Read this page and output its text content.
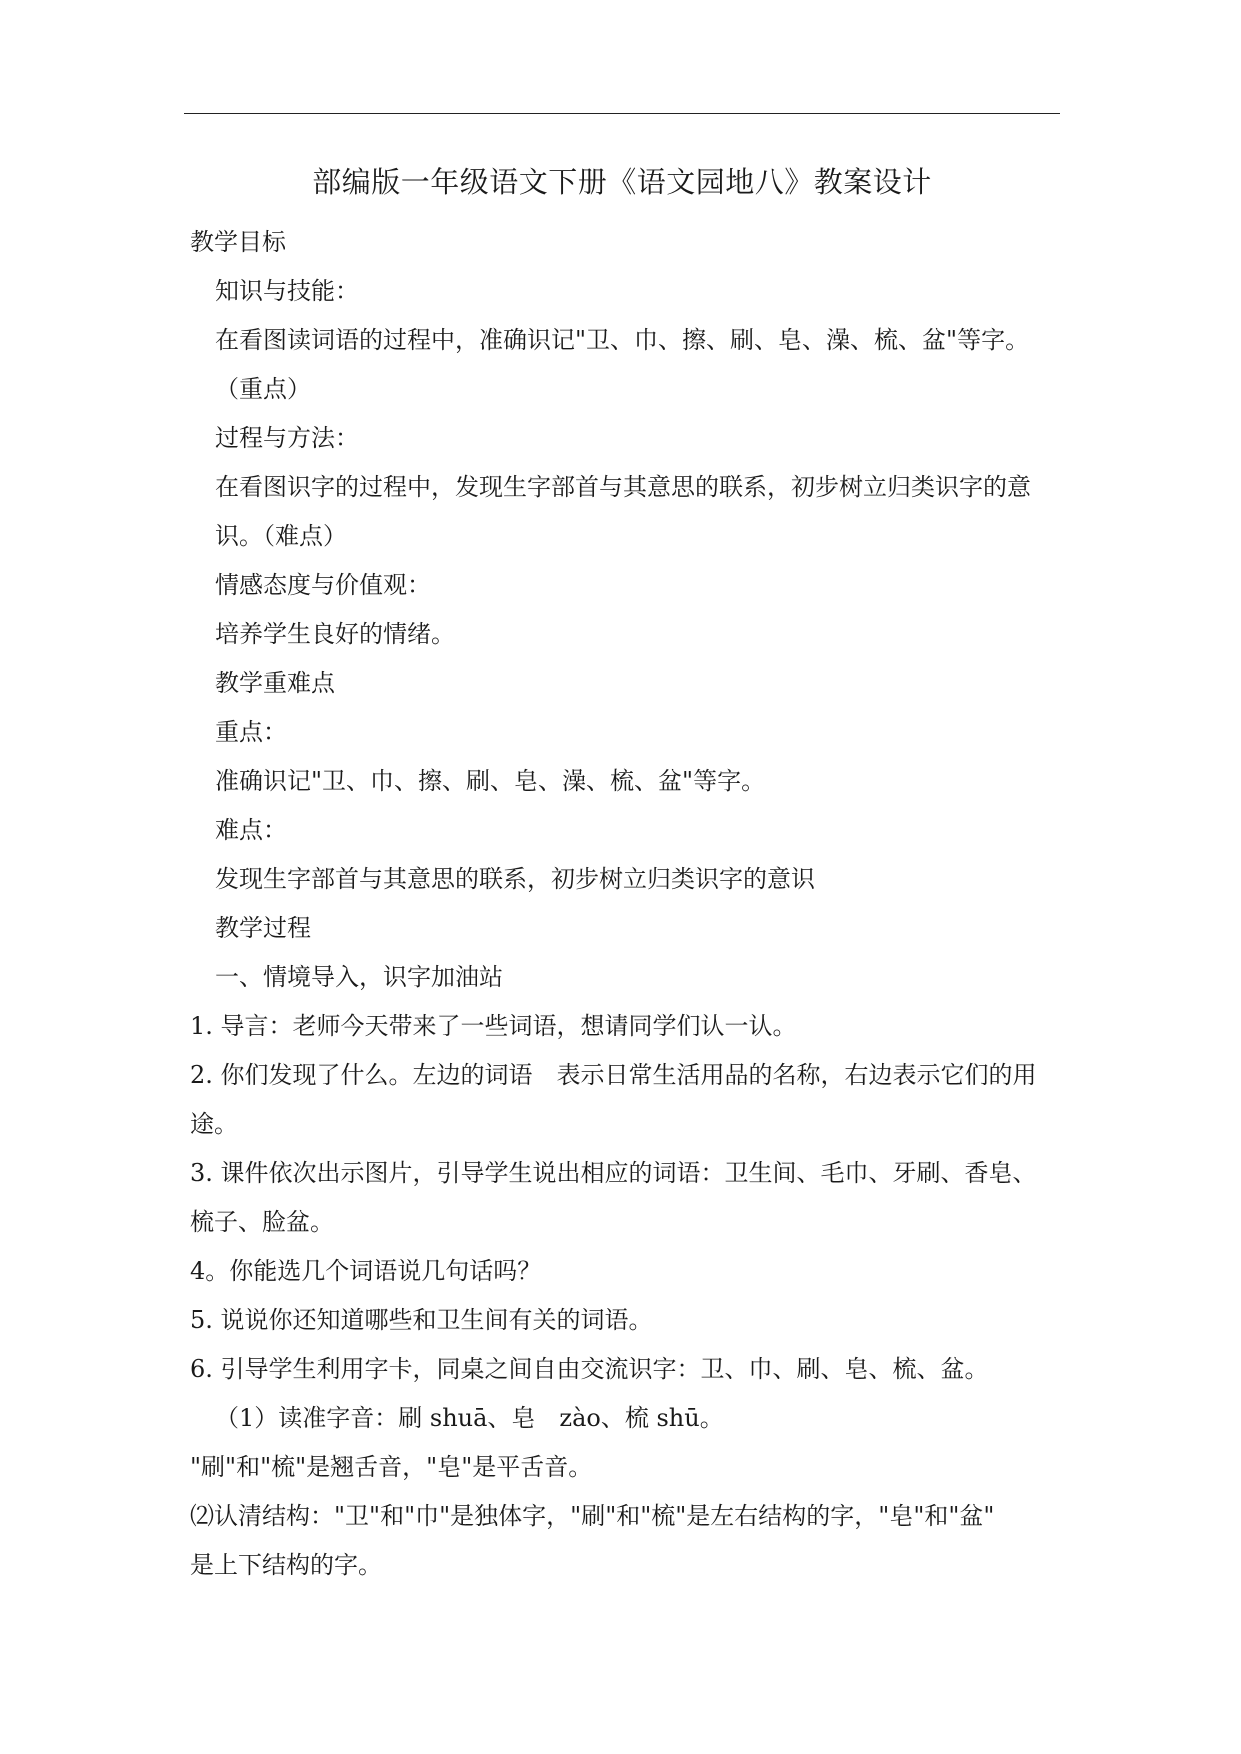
部编版一年级语文下册《语文园地八》教案设计
教学目标
知识与技能：
在看图读词语的过程中，准确识记"卫、巾、擦、刷、皂、澡、梳、盆"等字。
（重点）
过程与方法：
在看图识字的过程中，发现生字部首与其意思的联系，初步树立归类识字的意
识。（难点）
情感态度与价值观：
培养学生良好的情绪。
教学重难点
重点：
准确识记"卫、巾、擦、刷、皂、澡、梳、盆"等字。
难点：
发现生字部首与其意思的联系，初步树立归类识字的意识
教学过程
一、情境导入，识字加油站
1. 导言：老师今天带来了一些词语，想请同学们认一认。
2. 你们发现了什么。左边的词语　表示日常生活用品的名称，右边表示它们的用
途。
3. 课件依次出示图片，引导学生说出相应的词语：卫生间、毛巾、牙刷、香皂、
梳子、脸盆。
4。你能选几个词语说几句话吗？
5. 说说你还知道哪些和卫生间有关的词语。
6. 引导学生利用字卡，同桌之间自由交流识字：卫、巾、刷、皂、梳、盆。
（1）读准字音：刷 shuā、皂　zào、梳 shū。
"刷"和"梳"是翘舌音，"皂"是平舌音。
⑵认清结构："卫"和"巾"是独体字，"刷"和"梳"是左右结构的字，"皂"和"盆"
是上下结构的字。
